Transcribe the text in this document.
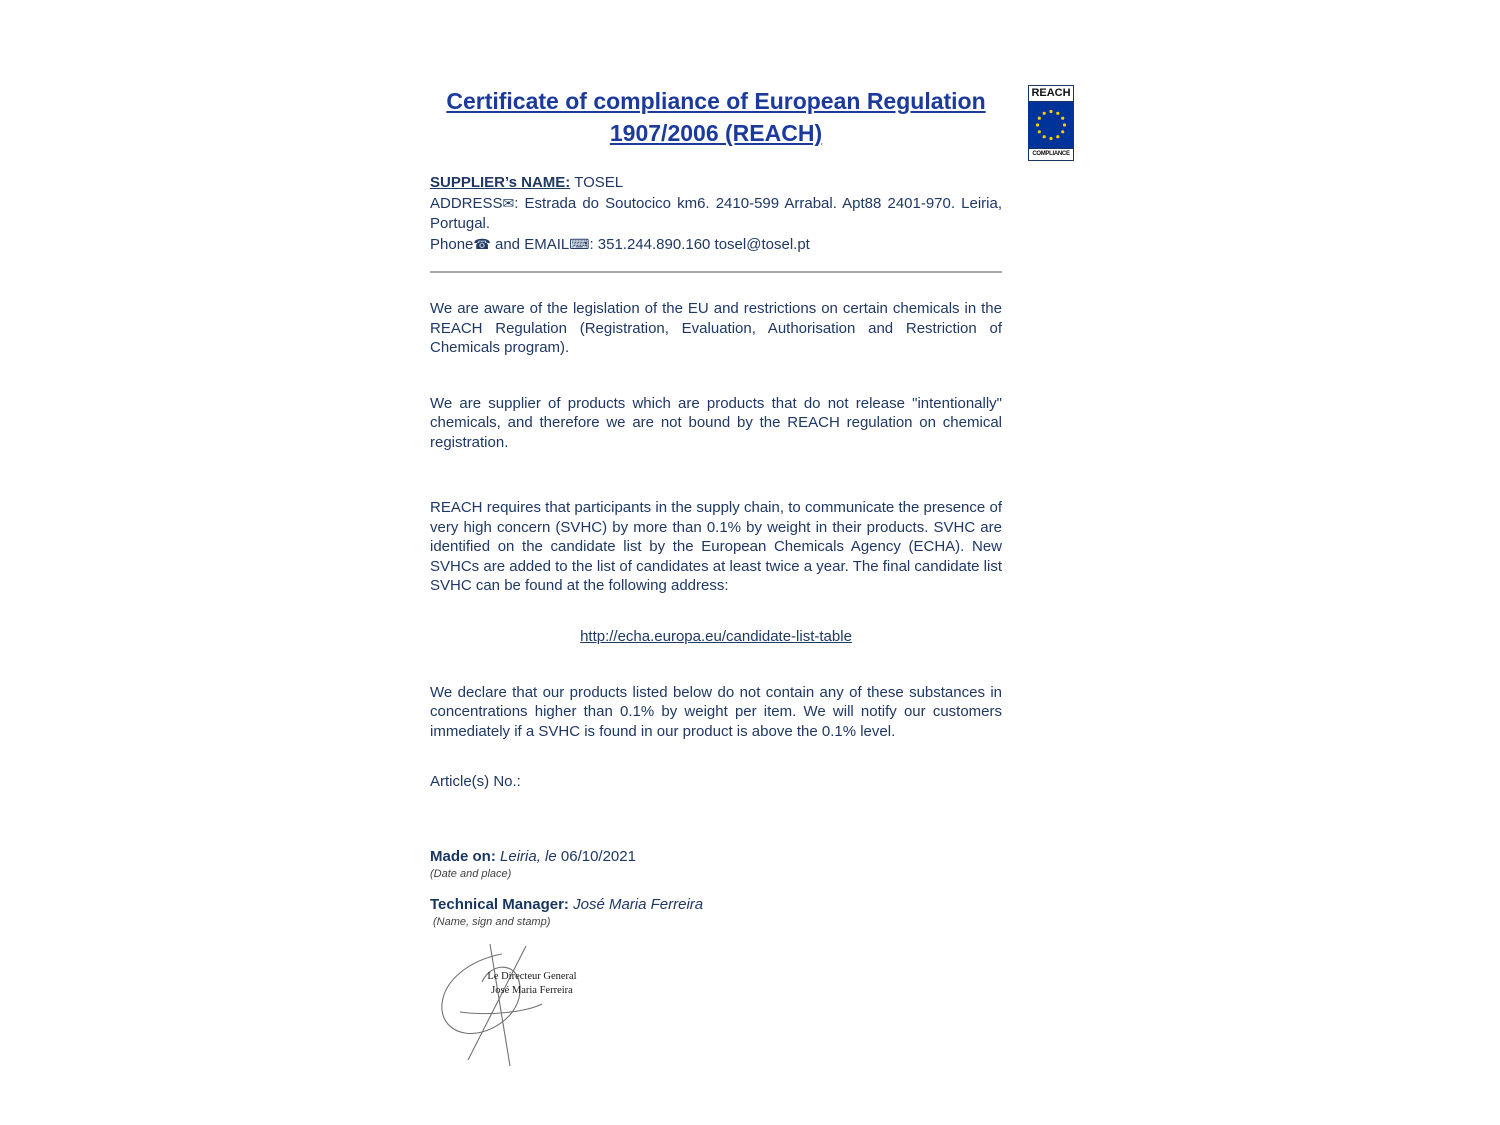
REACH
COMPLIANCE
Certificate of compliance of European Regulation
1907/2006 (REACH)
SUPPLIER’s NAME: TOSEL
ADDRESS✉: Estrada do Soutocico km6. 2410-599 Arrabal. Apt88 2401-970. Leiria, Portugal.
Phone☎ and EMAIL⌨: 351.244.890.160 tosel@tosel.pt

We are aware of the legislation of the EU and restrictions on certain chemicals in the REACH Regulation (Registration, Evaluation, Authorisation and Restriction of Chemicals program).

We are supplier of products which are products that do not release "intentionally" chemicals, and therefore we are not bound by the REACH regulation on chemical registration.

REACH requires that participants in the supply chain, to communicate the presence of very high concern (SVHC) by more than 0.1% by weight in their products. SVHC are identified on the candidate list by the European Chemicals Agency (ECHA). New SVHCs are added to the list of candidates at least twice a year. The final candidate list SVHC can be found at the following address:

http://echa.europa.eu/candidate-list-table

We declare that our products listed below do not contain any of these substances in concentrations higher than 0.1% by weight per item. We will notify our customers immediately if a SVHC is found in our product is above the 0.1% level.

Article(s) No.:

Made on: Leiria, le 06/10/2021
(Date and place)
Technical Manager: José Maria Ferreira
(Name, sign and stamp)
Le Directeur General
José Maria Ferreira
